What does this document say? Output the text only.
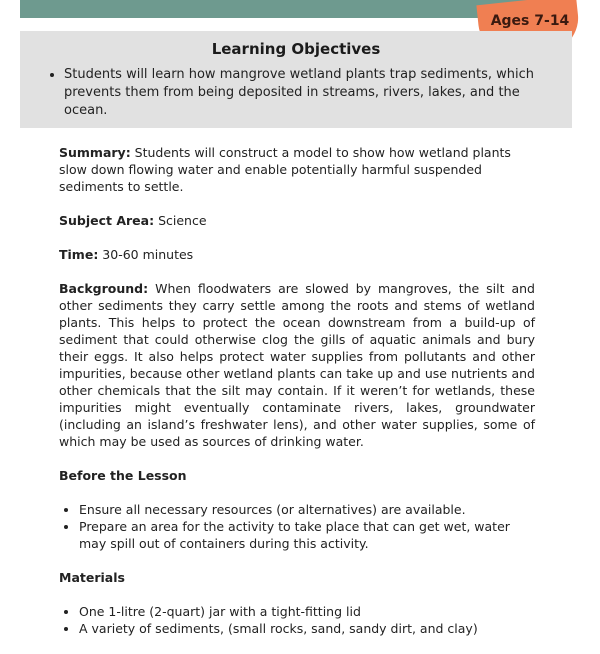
Ages 7-14
Learning Objectives
• Students will learn how mangrove wetland plants trap sediments, which prevents them from being deposited in streams, rivers, lakes, and the ocean.

Summary: Students will construct a model to show how wetland plants slow down flowing water and enable potentially harmful suspended sediments to settle.

Subject Area: Science

Time: 30-60 minutes

Background: When floodwaters are slowed by mangroves, the silt and other sediments they carry settle among the roots and stems of wetland plants. This helps to protect the ocean downstream from a build-up of sediment that could otherwise clog the gills of aquatic animals and bury their eggs. It also helps protect water supplies from pollutants and other impurities, because other wetland plants can take up and use nutrients and other chemicals that the silt may contain. If it weren’t for wetlands, these impurities might eventually contaminate rivers, lakes, groundwater (including an island’s freshwater lens), and other water supplies, some of which may be used as sources of drinking water.

Before the Lesson

• Ensure all necessary resources (or alternatives) are available.
• Prepare an area for the activity to take place that can get wet, water may spill out of containers during this activity.

Materials

• One 1-litre (2-quart) jar with a tight-fitting lid
• A variety of sediments, (small rocks, sand, sandy dirt, and clay)
